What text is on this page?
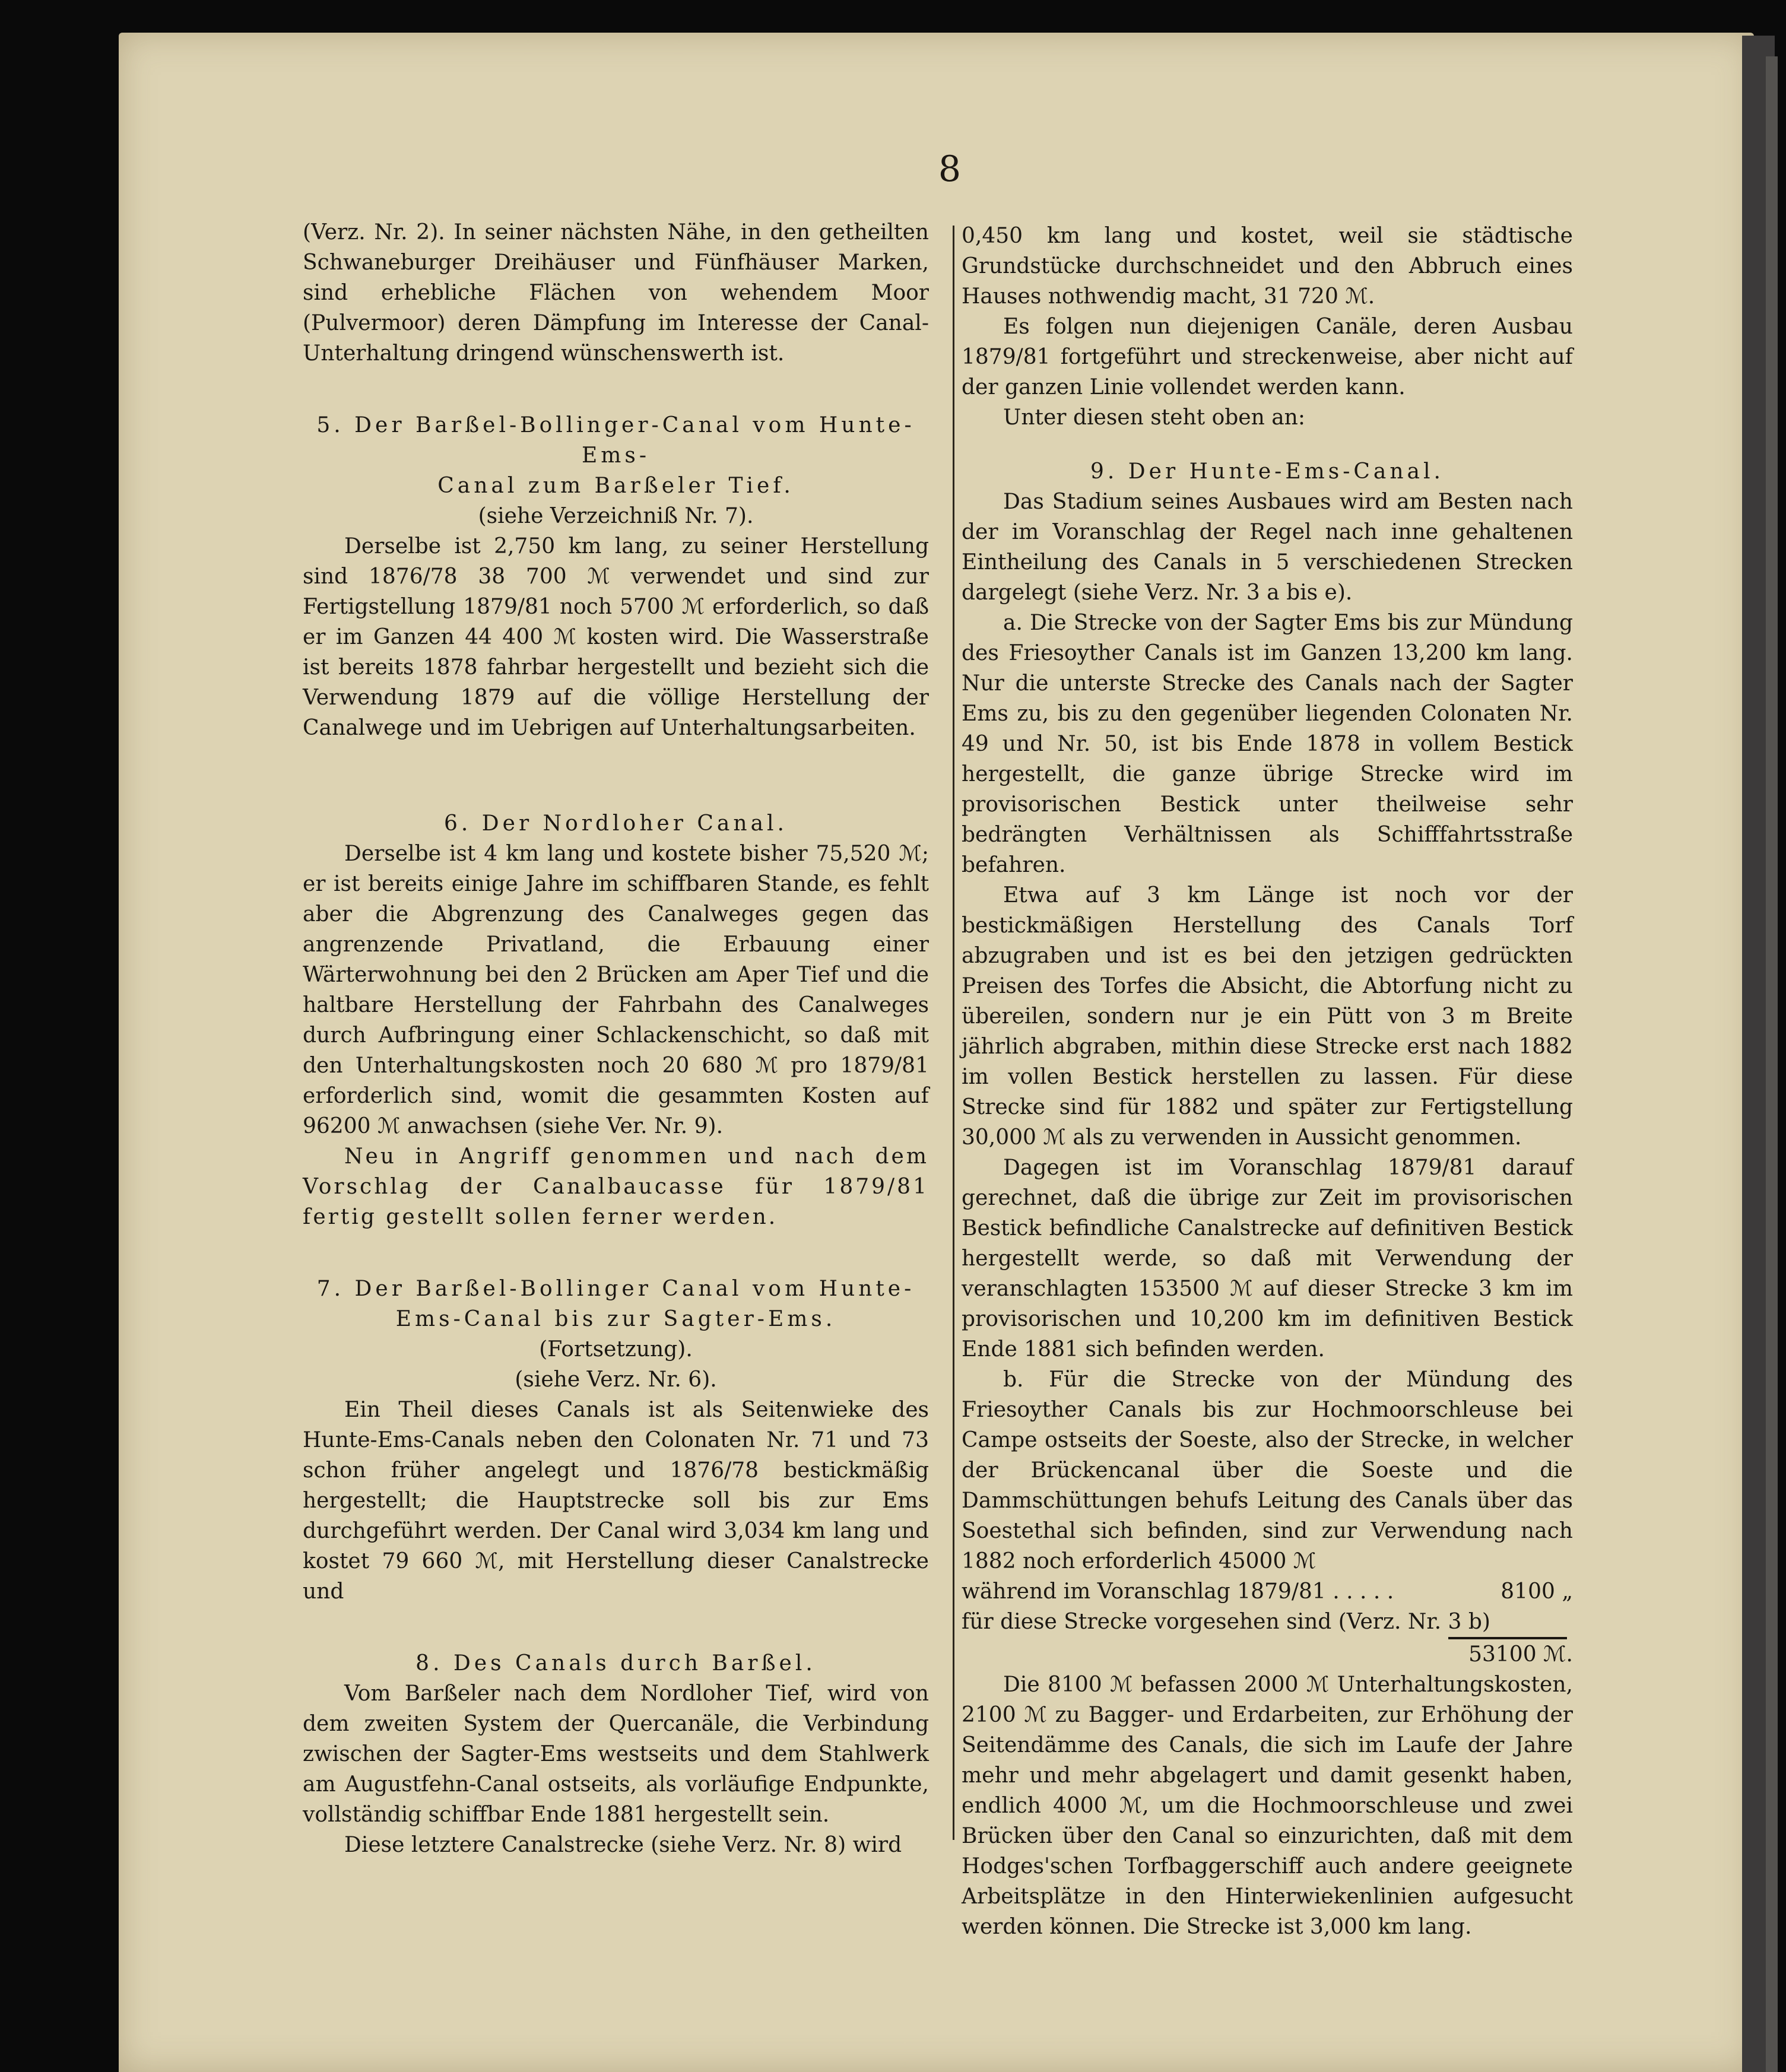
8

(Verz. Nr. 2). In seiner nächsten Nähe, in den getheilten Schwaneburger Dreihäuser und Fünfhäuser Marken, sind erhebliche Flächen von wehendem Moor (Pulvermoor) deren Dämpfung im Interesse der Canal-Unterhaltung dringend wünschenswerth ist.

5. Der Barßel-Bollinger-Canal vom Hunte-Ems-

Canal zum Barßeler Tief.

(siehe Verzeichniß Nr. 7).

Derselbe ist 2,750 km lang, zu seiner Herstellung sind 1876/78 38 700 ℳ verwendet und sind zur Fertigstellung 1879/81 noch 5700 ℳ erforderlich, so daß er im Ganzen 44 400 ℳ kosten wird. Die Wasserstraße ist bereits 1878 fahrbar hergestellt und bezieht sich die Verwendung 1879 auf die völlige Herstellung der Canalwege und im Uebrigen auf Unterhaltungsarbeiten.

6. Der Nordloher Canal.

Derselbe ist 4 km lang und kostete bisher 75,520 ℳ; er ist bereits einige Jahre im schiffbaren Stande, es fehlt aber die Abgrenzung des Canalweges gegen das angrenzende Privatland, die Erbauung einer Wärterwohnung bei den 2 Brücken am Aper Tief und die haltbare Herstellung der Fahrbahn des Canalweges durch Aufbringung einer Schlackenschicht, so daß mit den Unterhaltungskosten noch 20 680 ℳ pro 1879/81 erforderlich sind, womit die gesammten Kosten auf 96200 ℳ anwachsen (siehe Ver. Nr. 9).

Neu in Angriff genommen und nach dem Vorschlag der Canalbaucasse für 1879/81 fertig gestellt sollen ferner werden.

7. Der Barßel-Bollinger Canal vom Hunte-

Ems-Canal bis zur Sagter-Ems.

(Fortsetzung).

(siehe Verz. Nr. 6).

Ein Theil dieses Canals ist als Seitenwieke des Hunte-Ems-Canals neben den Colonaten Nr. 71 und 73 schon früher angelegt und 1876/78 bestickmäßig hergestellt; die Hauptstrecke soll bis zur Ems durchgeführt werden. Der Canal wird 3,034 km lang und kostet 79 660 ℳ, mit Herstellung dieser Canalstrecke und

8. Des Canals durch Barßel.

Vom Barßeler nach dem Nordloher Tief, wird von dem zweiten System der Quercanäle, die Verbindung zwischen der Sagter-Ems westseits und dem Stahlwerk am Augustfehn-Canal ostseits, als vorläufige Endpunkte, vollständig schiffbar Ende 1881 hergestellt sein.

Diese letztere Canalstrecke (siehe Verz. Nr. 8) wird

0,450 km lang und kostet, weil sie städtische Grundstücke durchschneidet und den Abbruch eines Hauses nothwendig macht, 31 720 ℳ.

Es folgen nun diejenigen Canäle, deren Ausbau 1879/81 fortgeführt und streckenweise, aber nicht auf der ganzen Linie vollendet werden kann.

Unter diesen steht oben an:

9. Der Hunte-Ems-Canal.

Das Stadium seines Ausbaues wird am Besten nach der im Voranschlag der Regel nach inne gehaltenen Eintheilung des Canals in 5 verschiedenen Strecken dargelegt (siehe Verz. Nr. 3 a bis e).

a. Die Strecke von der Sagter Ems bis zur Mündung des Friesoyther Canals ist im Ganzen 13,200 km lang. Nur die unterste Strecke des Canals nach der Sagter Ems zu, bis zu den gegenüber liegenden Colonaten Nr. 49 und Nr. 50, ist bis Ende 1878 in vollem Bestick hergestellt, die ganze übrige Strecke wird im provisorischen Bestick unter theilweise sehr bedrängten Verhältnissen als Schifffahrtsstraße befahren.

Etwa auf 3 km Länge ist noch vor der bestickmäßigen Herstellung des Canals Torf abzugraben und ist es bei den jetzigen gedrückten Preisen des Torfes die Absicht, die Abtorfung nicht zu übereilen, sondern nur je ein Pütt von 3 m Breite jährlich abgraben, mithin diese Strecke erst nach 1882 im vollen Bestick herstellen zu lassen. Für diese Strecke sind für 1882 und später zur Fertigstellung 30,000 ℳ als zu verwenden in Aussicht genommen.

Dagegen ist im Voranschlag 1879/81 darauf gerechnet, daß die übrige zur Zeit im provisorischen Bestick befindliche Canalstrecke auf definitiven Bestick hergestellt werde, so daß mit Verwendung der veranschlagten 153500 ℳ auf dieser Strecke 3 km im provisorischen und 10,200 km im definitiven Bestick Ende 1881 sich befinden werden.

b. Für die Strecke von der Mündung des Friesoyther Canals bis zur Hochmoorschleuse bei Campe ostseits der Soeste, also der Strecke, in welcher der Brückencanal über die Soeste und die Dammschüttungen behufs Leitung des Canals über das Soestethal sich befinden, sind zur Verwendung nach 1882 noch erforderlich 45000 ℳ

während im Voranschlag 1879/81 . . . . .	8100 „

für diese Strecke vorgesehen sind (Verz. Nr. 3 b)

53100 ℳ.

Die 8100 ℳ befassen 2000 ℳ Unterhaltungskosten, 2100 ℳ zu Bagger- und Erdarbeiten, zur Erhöhung der Seitendämme des Canals, die sich im Laufe der Jahre mehr und mehr abgelagert und damit gesenkt haben, endlich 4000 ℳ, um die Hochmoorschleuse und zwei Brücken über den Canal so einzurichten, daß mit dem Hodges'schen Torfbaggerschiff auch andere geeignete Arbeitsplätze in den Hinterwiekenlinien aufgesucht werden können. Die Strecke ist 3,000 km lang.
